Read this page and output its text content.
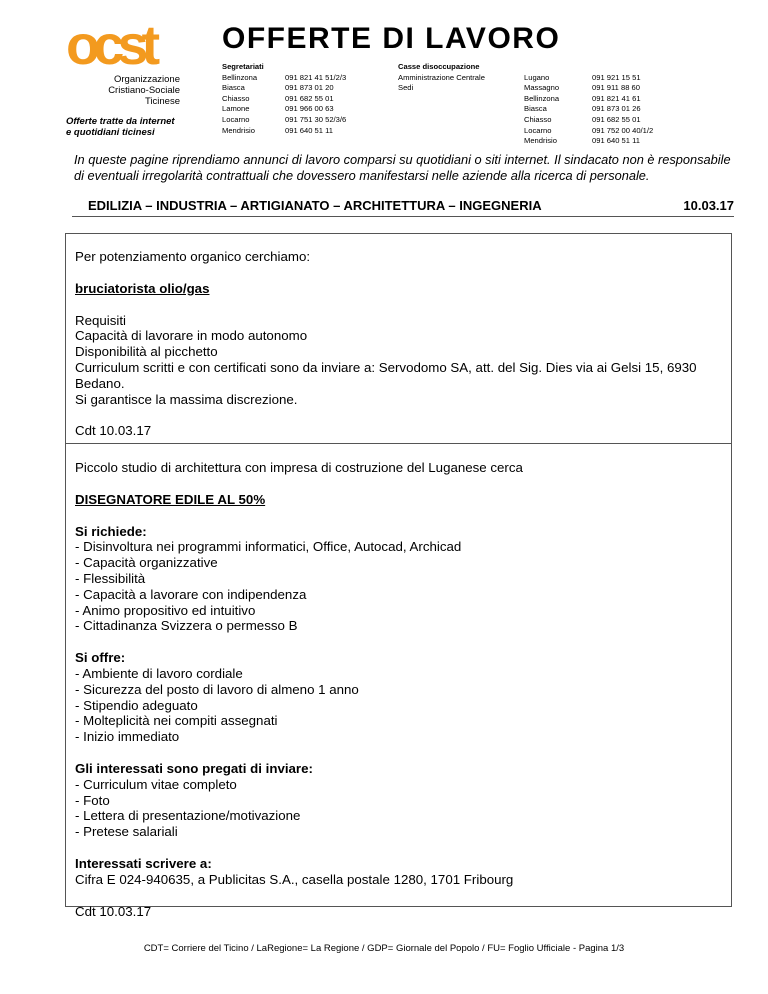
ocst
Organizzazione
Cristiano-Sociale
Ticinese
Offerte tratte da internet
e quotidiani ticinesi
OFFERTE DI LAVORO
Segretariati
Bellinzona	091 821 41 51/2/3
Biasca	091 873 01 20
Chiasso	091 682 55 01
Lamone	091 966 00 63
Locarno	091 751 30 52/3/6
Mendrisio	091 640 51 11
Casse disoccupazione
Amministrazione Centrale
Sedi
Lugano	091 921 15 51
Massagno	091 911 88 60
Bellinzona	091 821 41 61
Biasca	091 873 01 26
Chiasso	091 682 55 01
Locarno	091 752 00 40/1/2
Mendrisio	091 640 51 11
In queste pagine riprendiamo annunci di lavoro comparsi su quotidiani o siti internet. Il sindacato non è responsabile di eventuali irregolarità contrattuali che dovessero manifestarsi nelle aziende alla ricerca di personale.
EDILIZIA – INDUSTRIA – ARTIGIANATO – ARCHITETTURA – INGEGNERIA	10.03.17

Per potenziamento organico cerchiamo:

bruciatorista olio/gas

Requisiti

Capacità di lavorare in modo autonomo

Disponibilità al picchetto

Curriculum scritti e con certificati sono da inviare a: Servodomo SA, att. del Sig. Dies via ai Gelsi 15, 6930 Bedano.

Si garantisce la massima discrezione.

Cdt 10.03.17

Piccolo studio di architettura con impresa di costruzione del Luganese cerca

DISEGNATORE EDILE AL 50%

Si richiede:

- Disinvoltura nei programmi informatici, Office, Autocad, Archicad

- Capacità organizzative

- Flessibilità

- Capacità a lavorare con indipendenza

- Animo propositivo ed intuitivo

- Cittadinanza Svizzera o permesso B

Si offre:

- Ambiente di lavoro cordiale

- Sicurezza del posto di lavoro di almeno 1 anno

- Stipendio adeguato

- Molteplicità nei compiti assegnati

- Inizio immediato

Gli interessati sono pregati di inviare:

- Curriculum vitae completo

- Foto

- Lettera di presentazione/motivazione

- Pretese salariali

Interessati scrivere a:

Cifra E 024-940635, a Publicitas S.A., casella postale 1280, 1701 Fribourg

Cdt 10.03.17

CDT= Corriere del Ticino / LaRegione= La Regione / GDP= Giornale del Popolo / FU= Foglio Ufficiale - Pagina 1/3
